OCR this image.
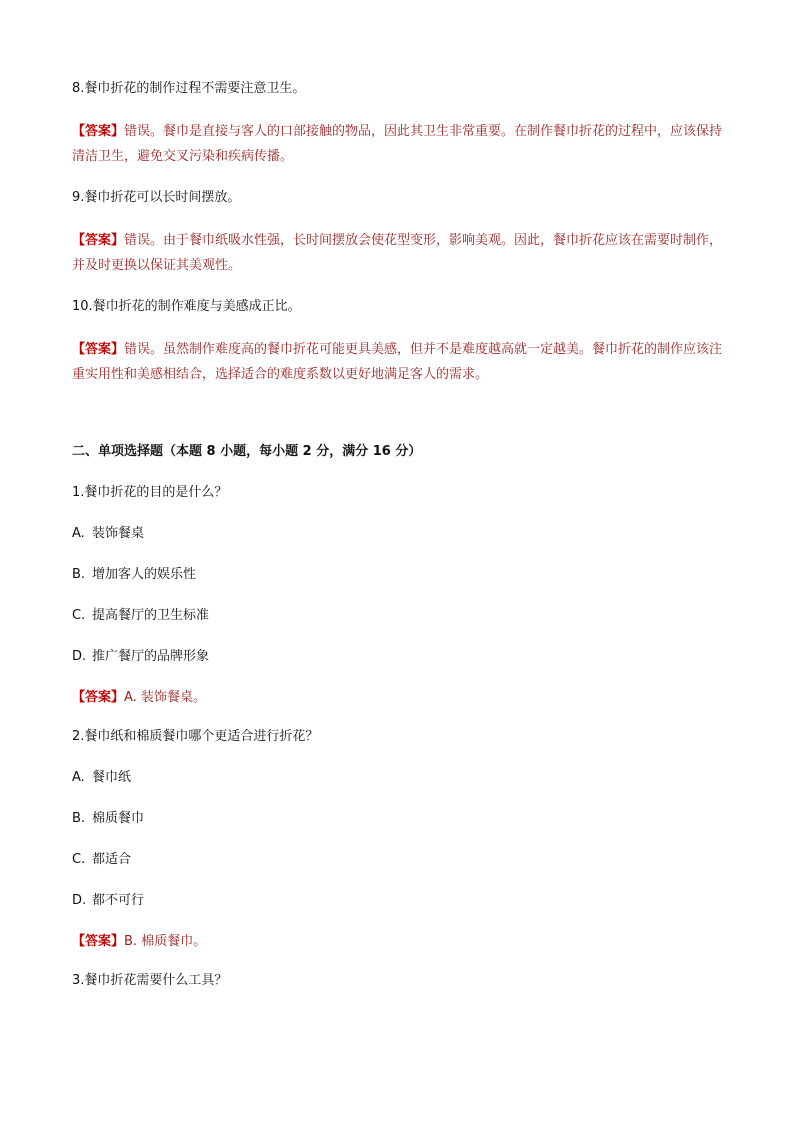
8.餐巾折花的制作过程不需要注意卫生。

【答案】错误。餐巾是直接与客人的口部接触的物品，因此其卫生非常重要。在制作餐巾折花的过程中，应该保持清洁卫生，避免交叉污染和疾病传播。

9.餐巾折花可以长时间摆放。

【答案】错误。由于餐巾纸吸水性强，长时间摆放会使花型变形，影响美观。因此，餐巾折花应该在需要时制作，并及时更换以保证其美观性。

10.餐巾折花的制作难度与美感成正比。

【答案】错误。虽然制作难度高的餐巾折花可能更具美感，但并不是难度越高就一定越美。餐巾折花的制作应该注重实用性和美感相结合，选择适合的难度系数以更好地满足客人的需求。

二、单项选择题（本题 8 小题，每小题 2 分，满分 16 分）

1.餐巾折花的目的是什么？

A. 装饰餐桌

B. 增加客人的娱乐性

C. 提高餐厅的卫生标准

D. 推广餐厅的品牌形象

【答案】A. 装饰餐桌。

2.餐巾纸和棉质餐巾哪个更适合进行折花？

A. 餐巾纸

B. 棉质餐巾

C. 都适合

D. 都不可行

【答案】B. 棉质餐巾。

3.餐巾折花需要什么工具？
